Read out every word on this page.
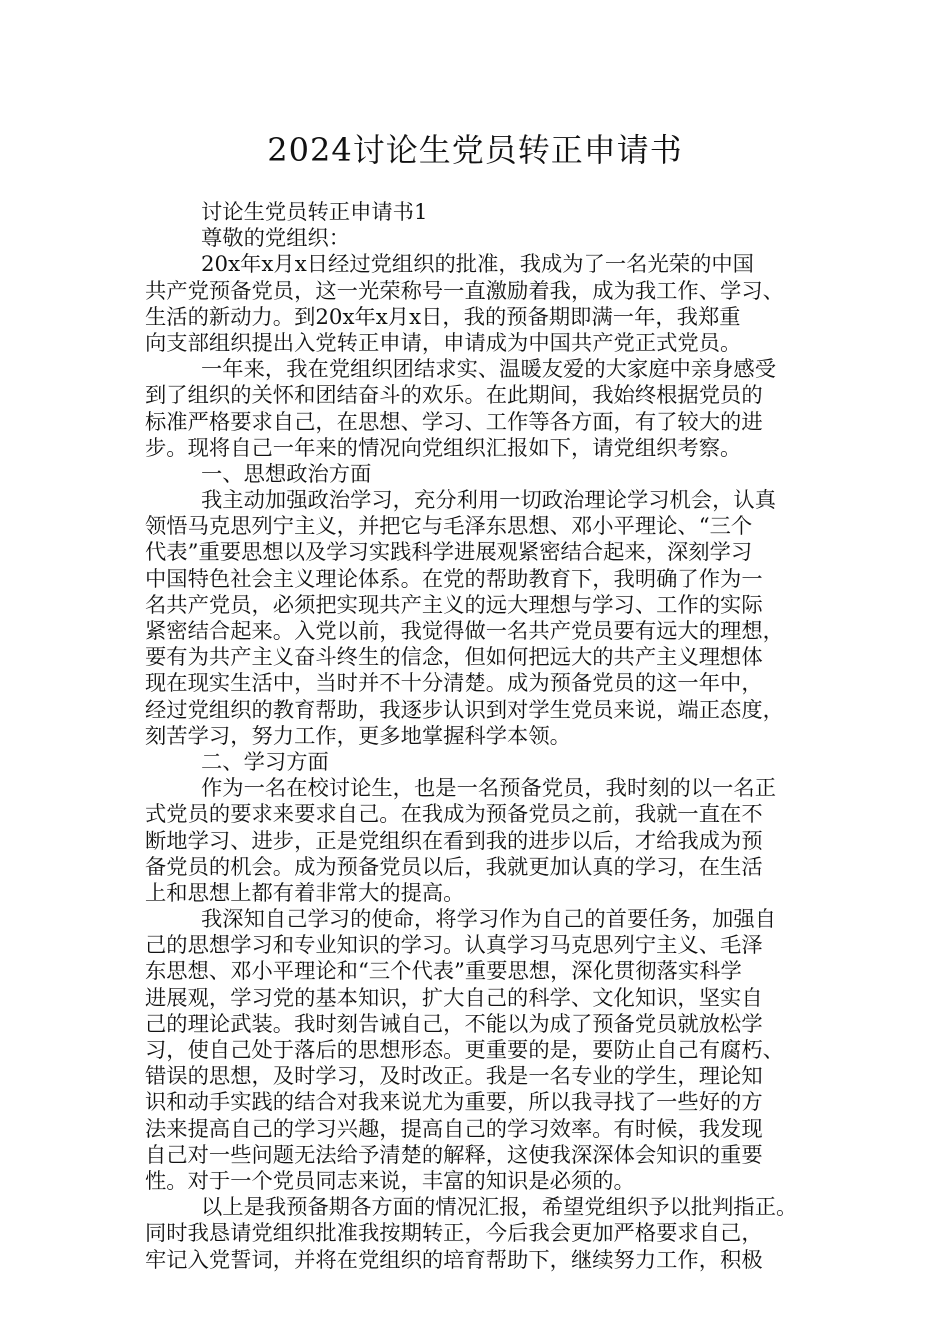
2024讨论生党员转正申请书
讨论生党员转正申请书1
尊敬的党组织：
20x年x月x日经过党组织的批准，我成为了一名光荣的中国
共产党预备党员，这一光荣称号一直激励着我，成为我工作、学习、
生活的新动力。到20x年x月x日，我的预备期即满一年，我郑重
向支部组织提出入党转正申请，申请成为中国共产党正式党员。
一年来，我在党组织团结求实、温暖友爱的大家庭中亲身感受
到了组织的关怀和团结奋斗的欢乐。在此期间，我始终根据党员的
标准严格要求自己，在思想、学习、工作等各方面，有了较大的进
步。现将自己一年来的情况向党组织汇报如下，请党组织考察。
一、思想政治方面
我主动加强政治学习，充分利用一切政治理论学习机会，认真
领悟马克思列宁主义，并把它与毛泽东思想、邓小平理论、“三个
代表”重要思想以及学习实践科学进展观紧密结合起来，深刻学习
中国特色社会主义理论体系。在党的帮助教育下，我明确了作为一
名共产党员，必须把实现共产主义的远大理想与学习、工作的实际
紧密结合起来。入党以前，我觉得做一名共产党员要有远大的理想，
要有为共产主义奋斗终生的信念，但如何把远大的共产主义理想体
现在现实生活中，当时并不十分清楚。成为预备党员的这一年中，
经过党组织的教育帮助，我逐步认识到对学生党员来说，端正态度，
刻苦学习，努力工作，更多地掌握科学本领。
二、学习方面
作为一名在校讨论生，也是一名预备党员，我时刻的以一名正
式党员的要求来要求自己。在我成为预备党员之前，我就一直在不
断地学习、进步，正是党组织在看到我的进步以后，才给我成为预
备党员的机会。成为预备党员以后，我就更加认真的学习，在生活
上和思想上都有着非常大的提高。
我深知自己学习的使命，将学习作为自己的首要任务，加强自
己的思想学习和专业知识的学习。认真学习马克思列宁主义、毛泽
东思想、邓小平理论和“三个代表”重要思想，深化贯彻落实科学
进展观，学习党的基本知识，扩大自己的科学、文化知识，坚实自
己的理论武装。我时刻告诫自己，不能以为成了预备党员就放松学
习，使自己处于落后的思想形态。更重要的是，要防止自己有腐朽、
错误的思想，及时学习，及时改正。我是一名专业的学生，理论知
识和动手实践的结合对我来说尤为重要，所以我寻找了一些好的方
法来提高自己的学习兴趣，提高自己的学习效率。有时候，我发现
自己对一些问题无法给予清楚的解释，这使我深深体会知识的重要
性。对于一个党员同志来说，丰富的知识是必须的。
以上是我预备期各方面的情况汇报，希望党组织予以批判指正。
同时我恳请党组织批准我按期转正，今后我会更加严格要求自己，
牢记入党誓词，并将在党组织的培育帮助下，继续努力工作，积极
